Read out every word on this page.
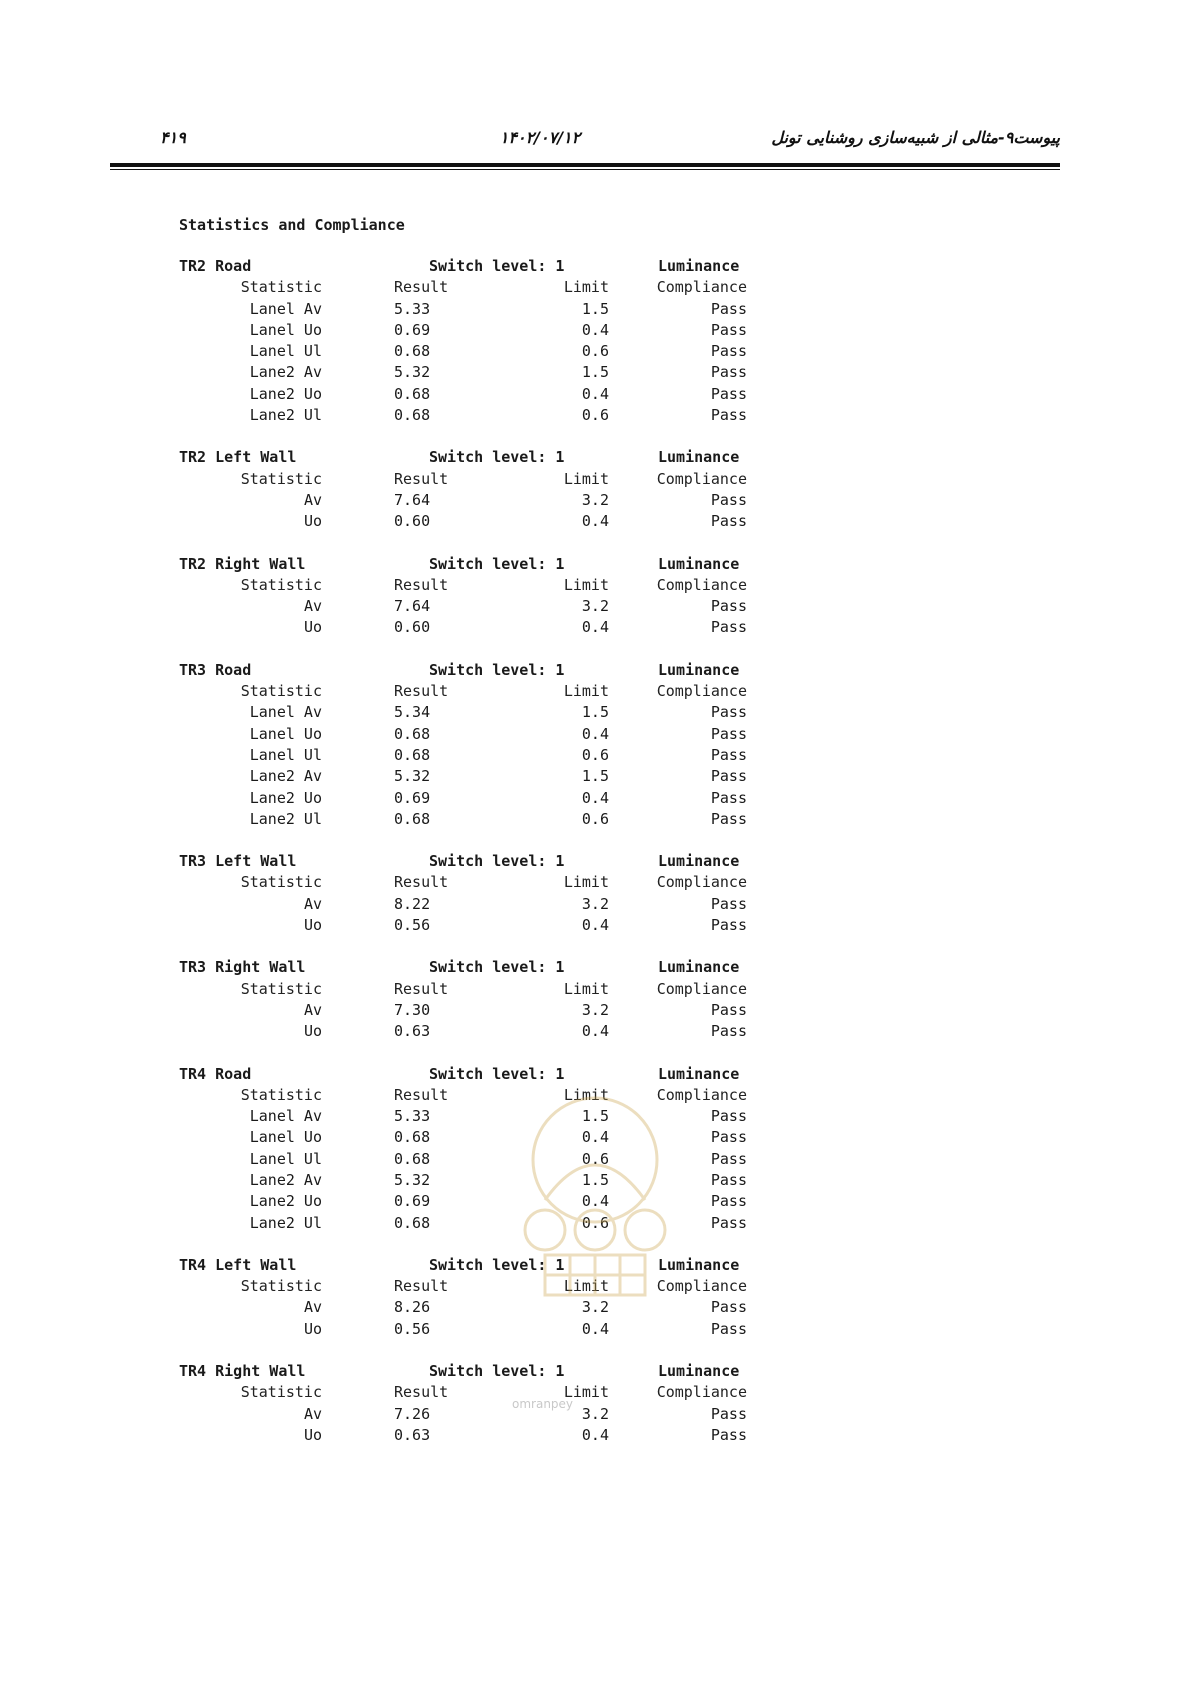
۴۱۹	۱۴۰۲/۰۷/۱۲	پیوست۹-مثالی از شبیه‌سازی روشنایی تونل
Statistics and Compliance
TR2 Road	Switch level: 1	Luminance
Statistic	Result	Limit	Compliance
Lanel Av	5.33	1.5	Pass
Lanel Uo	0.69	0.4	Pass
Lanel Ul	0.68	0.6	Pass
Lane2 Av	5.32	1.5	Pass
Lane2 Uo	0.68	0.4	Pass
Lane2 Ul	0.68	0.6	Pass
TR2 Left Wall	Switch level: 1	Luminance
Statistic	Result	Limit	Compliance
Av	7.64	3.2	Pass
Uo	0.60	0.4	Pass
TR2 Right Wall	Switch level: 1	Luminance
Statistic	Result	Limit	Compliance
Av	7.64	3.2	Pass
Uo	0.60	0.4	Pass
TR3 Road	Switch level: 1	Luminance
Statistic	Result	Limit	Compliance
Lanel Av	5.34	1.5	Pass
Lanel Uo	0.68	0.4	Pass
Lanel Ul	0.68	0.6	Pass
Lane2 Av	5.32	1.5	Pass
Lane2 Uo	0.69	0.4	Pass
Lane2 Ul	0.68	0.6	Pass
TR3 Left Wall	Switch level: 1	Luminance
Statistic	Result	Limit	Compliance
Av	8.22	3.2	Pass
Uo	0.56	0.4	Pass
TR3 Right Wall	Switch level: 1	Luminance
Statistic	Result	Limit	Compliance
Av	7.30	3.2	Pass
Uo	0.63	0.4	Pass
TR4 Road	Switch level: 1	Luminance
Statistic	Result	Limit	Compliance
Lanel Av	5.33	1.5	Pass
Lanel Uo	0.68	0.4	Pass
Lanel Ul	0.68	0.6	Pass
Lane2 Av	5.32	1.5	Pass
Lane2 Uo	0.69	0.4	Pass
Lane2 Ul	0.68	0.6	Pass
TR4 Left Wall	Switch level: 1	Luminance
Statistic	Result	Limit	Compliance
Av	8.26	3.2	Pass
Uo	0.56	0.4	Pass
TR4 Right Wall	Switch level: 1	Luminance
Statistic	Result	Limit	Compliance
Av	7.26	3.2	Pass
Uo	0.63	0.4	Pass
omranpey
